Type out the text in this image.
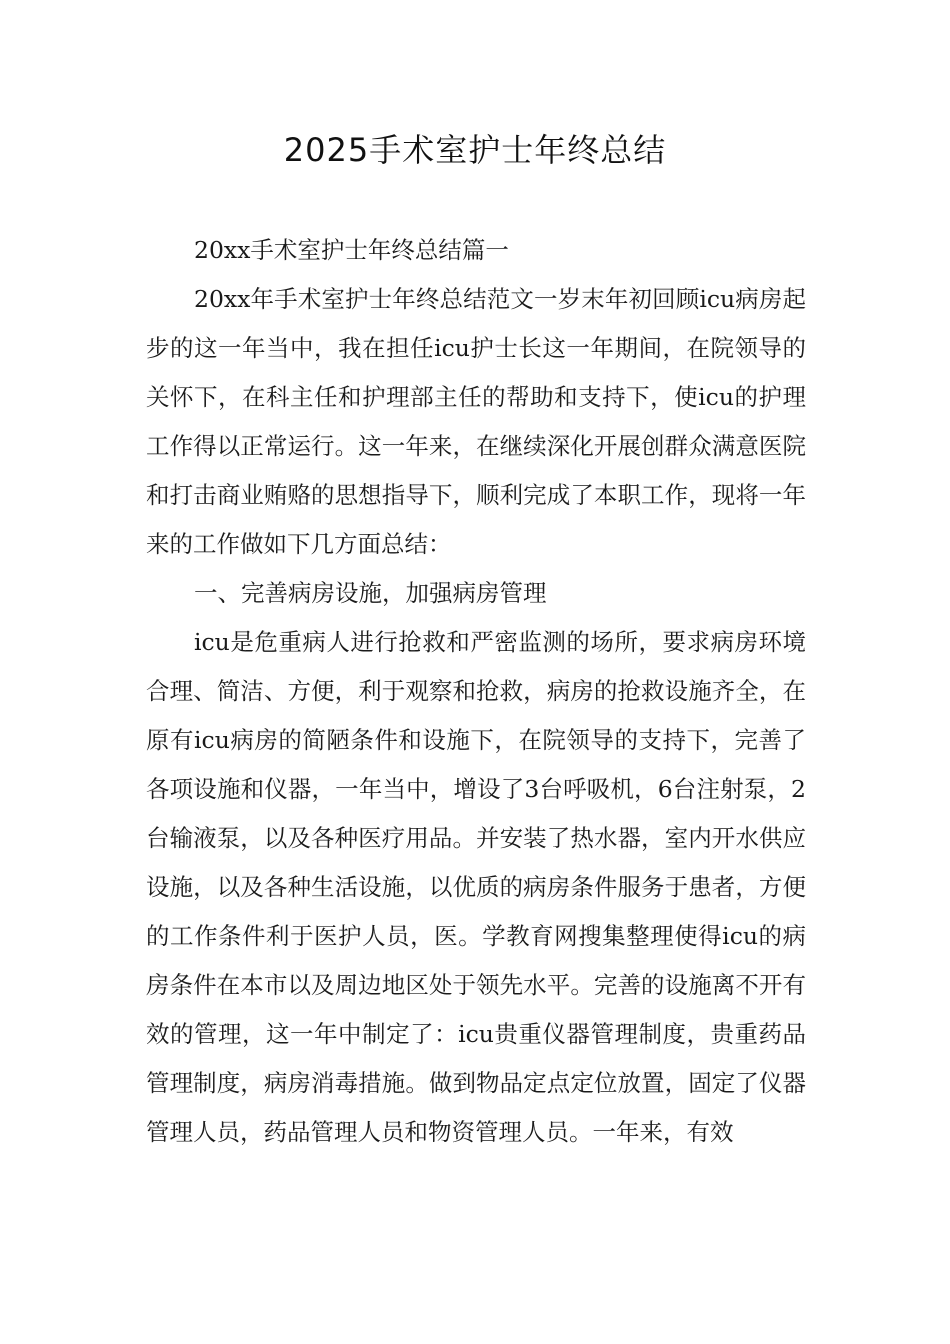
2025手术室护士年终总结

20xx手术室护士年终总结篇一

20xx年手术室护士年终总结范文一岁末年初回顾icu病房起步的这一年当中，我在担任icu护士长这一年期间，在院领导的关怀下，在科主任和护理部主任的帮助和支持下，使icu的护理工作得以正常运行。这一年来，在继续深化开展创群众满意医院和打击商业贿赂的思想指导下，顺利完成了本职工作，现将一年来的工作做如下几方面总结：

一、完善病房设施，加强病房管理

icu是危重病人进行抢救和严密监测的场所，要求病房环境合理、简洁、方便，利于观察和抢救，病房的抢救设施齐全，在原有icu病房的简陋条件和设施下，在院领导的支持下，完善了各项设施和仪器，一年当中，增设了3台呼吸机，6台注射泵，2台输液泵，以及各种医疗用品。并安装了热水器，室内开水供应设施，以及各种生活设施，以优质的病房条件服务于患者，方便的工作条件利于医护人员，医。学教育网搜集整理使得icu的病房条件在本市以及周边地区处于领先水平。完善的设施离不开有效的管理，这一年中制定了：icu贵重仪器管理制度，贵重药品管理制度，病房消毒措施。做到物品定点定位放置，固定了仪器管理人员，药品管理人员和物资管理人员。一年来，有效
